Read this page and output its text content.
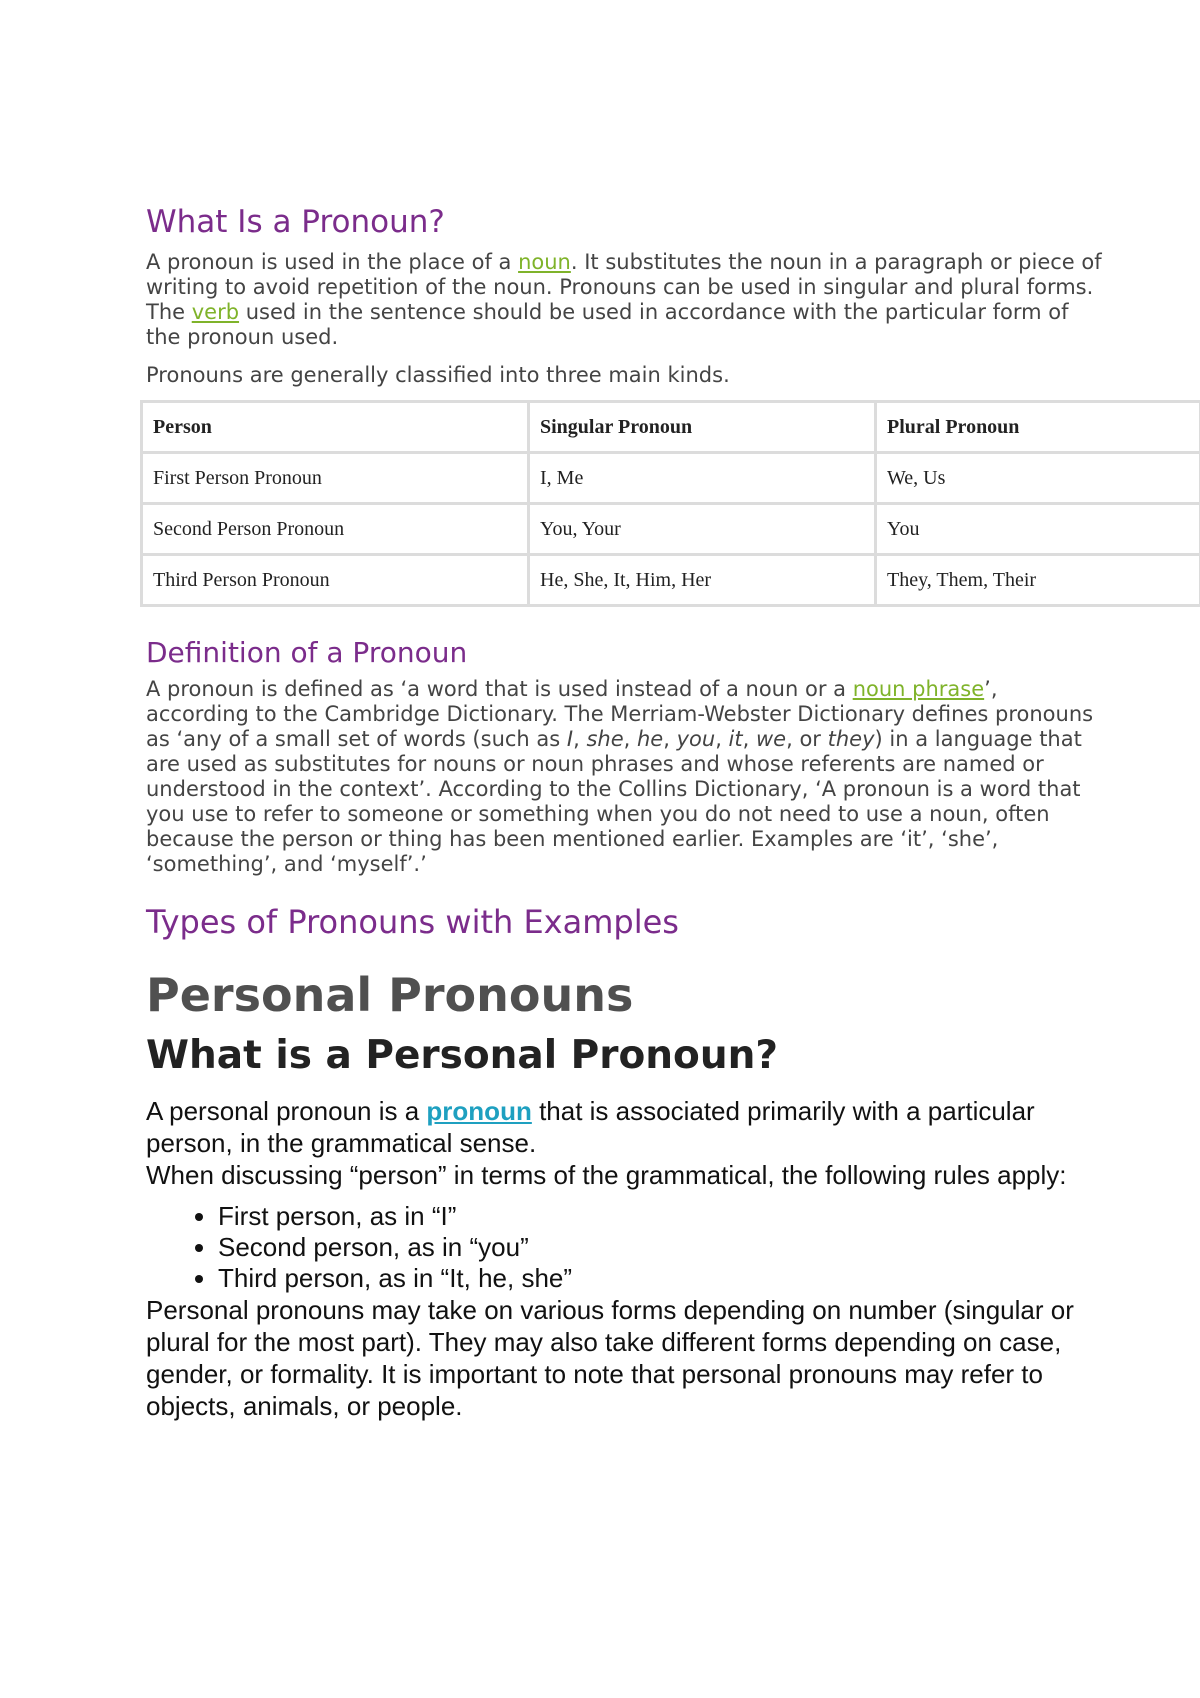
What Is a Pronoun?

A pronoun is used in the place of a noun. It substitutes the noun in a paragraph or piece of writing to avoid repetition of the noun. Pronouns can be used in singular and plural forms. The verb used in the sentence should be used in accordance with the particular form of the pronoun used.

Pronouns are generally classified into three main kinds.

Person	Singular Pronoun	Plural Pronoun
First Person Pronoun	I, Me	We, Us
Second Person Pronoun	You, Your	You
Third Person Pronoun	He, She, It, Him, Her	They, Them, Their
Definition of a Pronoun

A pronoun is defined as ‘a word that is used instead of a noun or a noun phrase’, according to the Cambridge Dictionary. The Merriam-Webster Dictionary defines pronouns as ‘any of a small set of words (such as I, she, he, you, it, we, or they) in a language that are used as substitutes for nouns or noun phrases and whose referents are named or understood in the context’. According to the Collins Dictionary, ‘A pronoun is a word that you use to refer to someone or something when you do not need to use a noun, often because the person or thing has been mentioned earlier. Examples are ‘it’, ‘she’, ‘something’, and ‘myself’.’

Types of Pronouns with Examples
Personal Pronouns
What is a Personal Pronoun?

A personal pronoun is a pronoun that is associated primarily with a particular person, in the grammatical sense.

When discussing “person” in terms of the grammatical, the following rules apply:

• First person, as in “I”
• Second person, as in “you”
• Third person, as in “It, he, she”

Personal pronouns may take on various forms depending on number (singular or plural for the most part). They may also take different forms depending on case, gender, or formality. It is important to note that personal pronouns may refer to objects, animals, or people.
